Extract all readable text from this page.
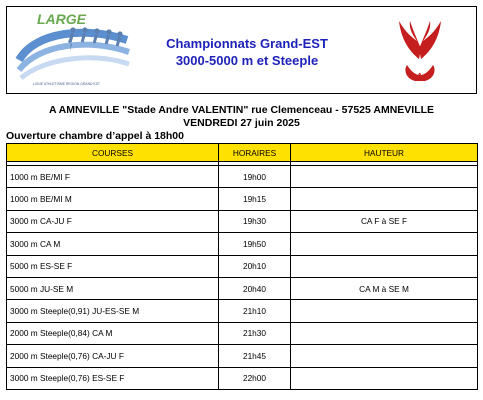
LARGE
LIGUE ATHLETISME REGION GRAND EST
Championnats Grand-EST
3000-5000 m et Steeple
C A
A AMNEVILLE "Stade Andre VALENTIN" rue Clemenceau - 57525 AMNEVILLE
VENDREDI 27 juin 2025
Ouverture chambre d’appel à 18h00
COURSES	HORAIRES	HAUTEUR

1000 m BE/MI F	19h00	
1000 m BE/MI M	19h15	
3000 m CA-JU F	19h30	CA F à SE F
3000 m CA M	19h50	
5000 m ES-SE F	20h10	
5000 m JU-SE M	20h40	CA M à SE M
3000 m Steeple(0,91) JU-ES-SE M	21h10	
2000 m Steeple(0,84) CA M	21h30	
2000 m Steeple(0,76) CA-JU F	21h45	
3000 m Steeple(0,76) ES-SE F	22h00	
